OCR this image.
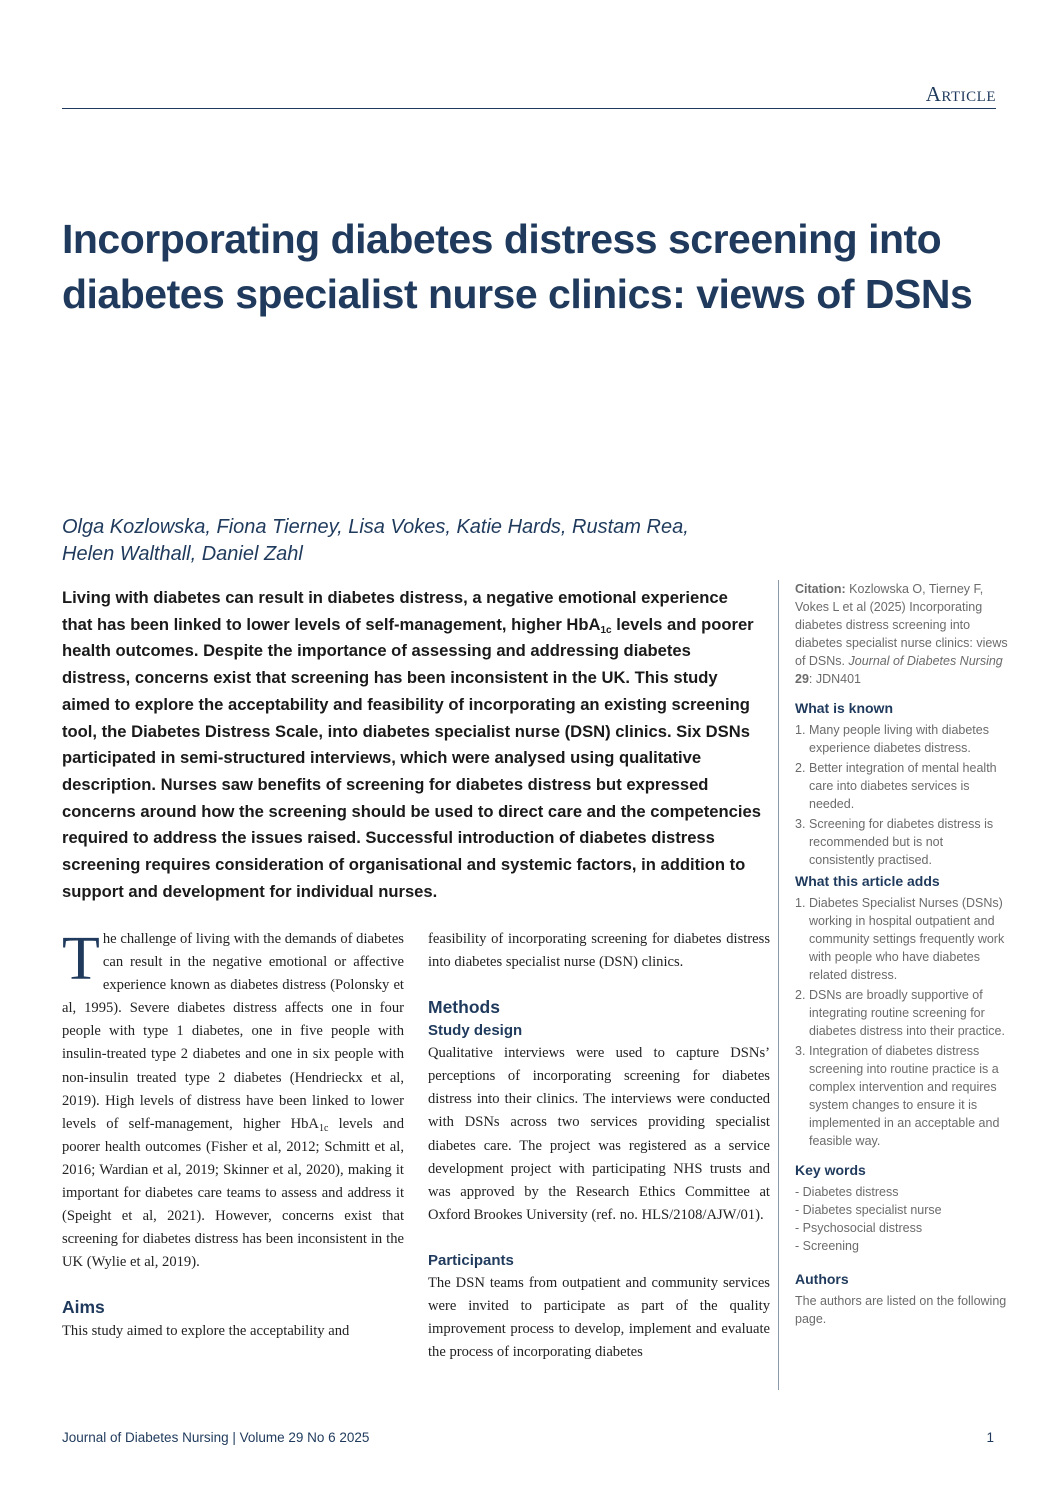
Article
Incorporating diabetes distress screening into diabetes specialist nurse clinics: views of DSNs

Olga Kozlowska, Fiona Tierney, Lisa Vokes, Katie Hards, Rustam Rea,
Helen Walthall, Daniel Zahl

Living with diabetes can result in diabetes distress, a negative emotional experience that has been linked to lower levels of self-management, higher HbA$_{1c}$ levels and poorer health outcomes. Despite the importance of assessing and addressing diabetes distress, concerns exist that screening has been inconsistent in the UK. This study aimed to explore the acceptability and feasibility of incorporating an existing screening tool, the Diabetes Distress Scale, into diabetes specialist nurse (DSN) clinics. Six DSNs participated in semi-structured interviews, which were analysed using qualitative description. Nurses saw benefits of screening for diabetes distress but expressed concerns around how the screening should be used to direct care and the competencies required to address the issues raised. Successful introduction of diabetes distress screening requires consideration of organisational and systemic factors, in addition to support and development for individual nurses.

The challenge of living with the demands of diabetes can result in the negative emotional or affective experience known as diabetes distress (Polonsky et al, 1995). Severe diabetes distress affects one in four people with type 1 diabetes, one in five people with insulin-treated type 2 diabetes and one in six people with non-insulin treated type 2 diabetes (Hendrieckx et al, 2019). High levels of distress have been linked to lower levels of self-management, higher HbA$_{1c}$ levels and poorer health outcomes (Fisher et al, 2012; Schmitt et al, 2016; Wardian et al, 2019; Skinner et al, 2020), making it important for diabetes care teams to assess and address it (Speight et al, 2021). However, concerns exist that screening for diabetes distress has been inconsistent in the UK (Wylie et al, 2019).

Aims

This study aimed to explore the acceptability and

feasibility of incorporating screening for diabetes distress into diabetes specialist nurse (DSN) clinics.

Methods
Study design

Qualitative interviews were used to capture DSNs’ perceptions of incorporating screening for diabetes distress into their clinics. The interviews were conducted with DSNs across two services providing specialist diabetes care. The project was registered as a service development project with participating NHS trusts and was approved by the Research Ethics Committee at Oxford Brookes University (ref. no. HLS/2108/AJW/01).

Participants

The DSN teams from outpatient and community services were invited to participate as part of the quality improvement process to develop, implement and evaluate the process of incorporating diabetes

Citation: Kozlowska O, Tierney F, Vokes L et al (2025) Incorporating diabetes distress screening into diabetes specialist nurse clinics: views of DSNs. Journal of Diabetes Nursing 29: JDN401

What is known
1. Many people living with diabetes experience diabetes distress.
2. Better integration of mental health care into diabetes services is needed.
3. Screening for diabetes distress is recommended but is not consistently practised.
What this article adds
1. Diabetes Specialist Nurses (DSNs) working in hospital outpatient and community settings frequently work with people who have diabetes related distress.
2. DSNs are broadly supportive of integrating routine screening for diabetes distress into their practice.
3. Integration of diabetes distress screening into routine practice is a complex intervention and requires system changes to ensure it is implemented in an acceptable and feasible way.
Key words
- Diabetes distress
- Diabetes specialist nurse
- Psychosocial distress
- Screening
Authors

The authors are listed on the following page.

Journal of Diabetes Nursing | Volume 29 No 6 2025	1
